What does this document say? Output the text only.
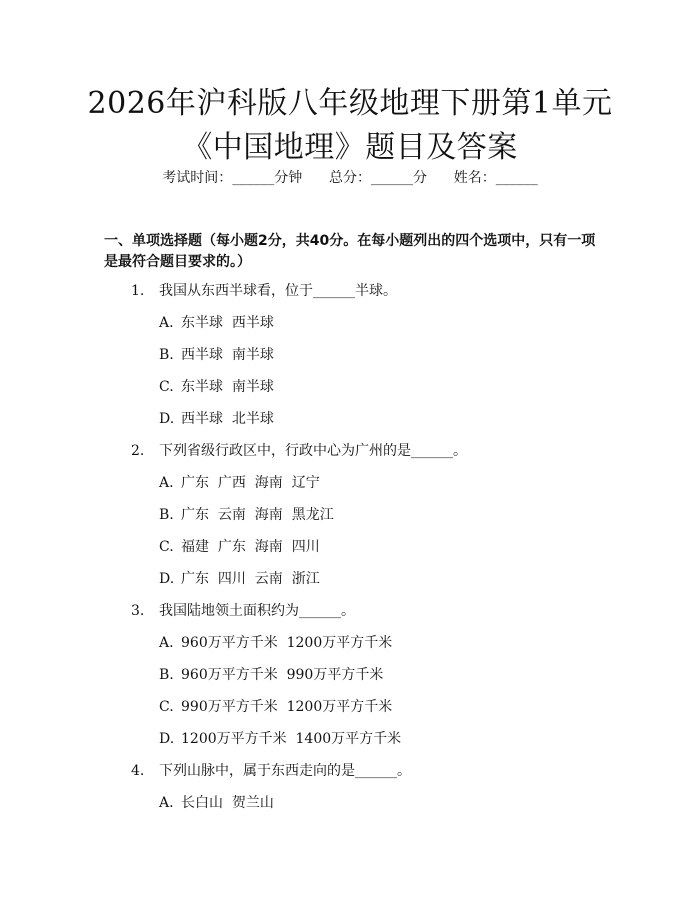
2026年沪科版八年级地理下册第1单元《中国地理》题目及答案
考试时间：______分钟      总分：______分      姓名：______
一、单项选择题（每小题2分，共40分。在每小题列出的四个选项中，只有一项是最符合题目要求的。）
1. 我国从东西半球看，位于______半球。
A. 东半球  西半球
B. 西半球  南半球
C. 东半球  南半球
D. 西半球  北半球
2. 下列省级行政区中，行政中心为广州的是______。
A. 广东  广西  海南  辽宁
B. 广东  云南  海南  黑龙江
C. 福建  广东  海南  四川
D. 广东  四川  云南  浙江
3. 我国陆地领土面积约为______。
A. 960万平方千米  1200万平方千米
B. 960万平方千米  990万平方千米
C. 990万平方千米  1200万平方千米
D. 1200万平方千米  1400万平方千米
4. 下列山脉中，属于东西走向的是______。
A. 长白山  贺兰山
